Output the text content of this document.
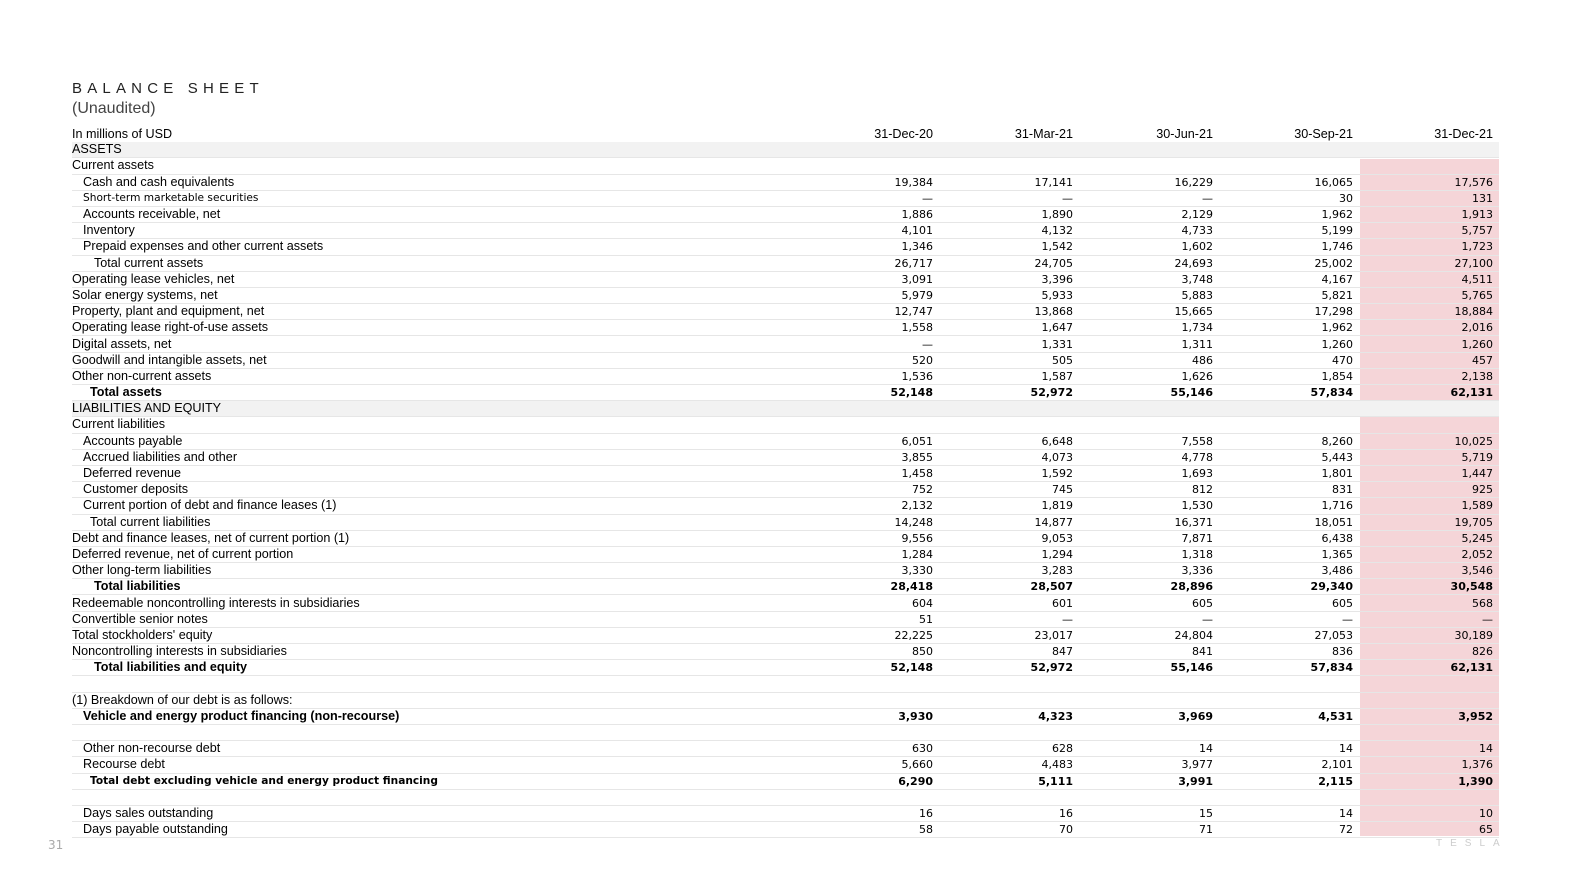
BALANCE SHEET
(Unaudited)
In millions of USD	31-Dec-20	31-Mar-21	30-Jun-21	30-Sep-21	31-Dec-21
ASSETS					
Current assets					
Cash and cash equivalents	19,384	17,141	16,229	16,065	17,576
Short-term marketable securities	—	—	—	30	131
Accounts receivable, net	1,886	1,890	2,129	1,962	1,913
Inventory	4,101	4,132	4,733	5,199	5,757
Prepaid expenses and other current assets	1,346	1,542	1,602	1,746	1,723
Total current assets	26,717	24,705	24,693	25,002	27,100
Operating lease vehicles, net	3,091	3,396	3,748	4,167	4,511
Solar energy systems, net	5,979	5,933	5,883	5,821	5,765
Property, plant and equipment, net	12,747	13,868	15,665	17,298	18,884
Operating lease right-of-use assets	1,558	1,647	1,734	1,962	2,016
Digital assets, net	—	1,331	1,311	1,260	1,260
Goodwill and intangible assets, net	520	505	486	470	457
Other non-current assets	1,536	1,587	1,626	1,854	2,138
Total assets	52,148	52,972	55,146	57,834	62,131
LIABILITIES AND EQUITY					
Current liabilities					
Accounts payable	6,051	6,648	7,558	8,260	10,025
Accrued liabilities and other	3,855	4,073	4,778	5,443	5,719
Deferred revenue	1,458	1,592	1,693	1,801	1,447
Customer deposits	752	745	812	831	925
Current portion of debt and finance leases (1)	2,132	1,819	1,530	1,716	1,589
Total current liabilities	14,248	14,877	16,371	18,051	19,705
Debt and finance leases, net of current portion (1)	9,556	9,053	7,871	6,438	5,245
Deferred revenue, net of current portion	1,284	1,294	1,318	1,365	2,052
Other long-term liabilities	3,330	3,283	3,336	3,486	3,546
Total liabilities	28,418	28,507	28,896	29,340	30,548
Redeemable noncontrolling interests in subsidiaries	604	601	605	605	568
Convertible senior notes	51	—	—	—	—
Total stockholders' equity	22,225	23,017	24,804	27,053	30,189
Noncontrolling interests in subsidiaries	850	847	841	836	826
Total liabilities and equity	52,148	52,972	55,146	57,834	62,131

(1) Breakdown of our debt is as follows:					
Vehicle and energy product financing (non-recourse)	3,930	4,323	3,969	4,531	3,952

Other non-recourse debt	630	628	14	14	14
Recourse debt	5,660	4,483	3,977	2,101	1,376
Total debt excluding vehicle and energy product financing	6,290	5,111	3,991	2,115	1,390

Days sales outstanding	16	16	15	14	10
Days payable outstanding	58	70	71	72	65
31	TESLA
